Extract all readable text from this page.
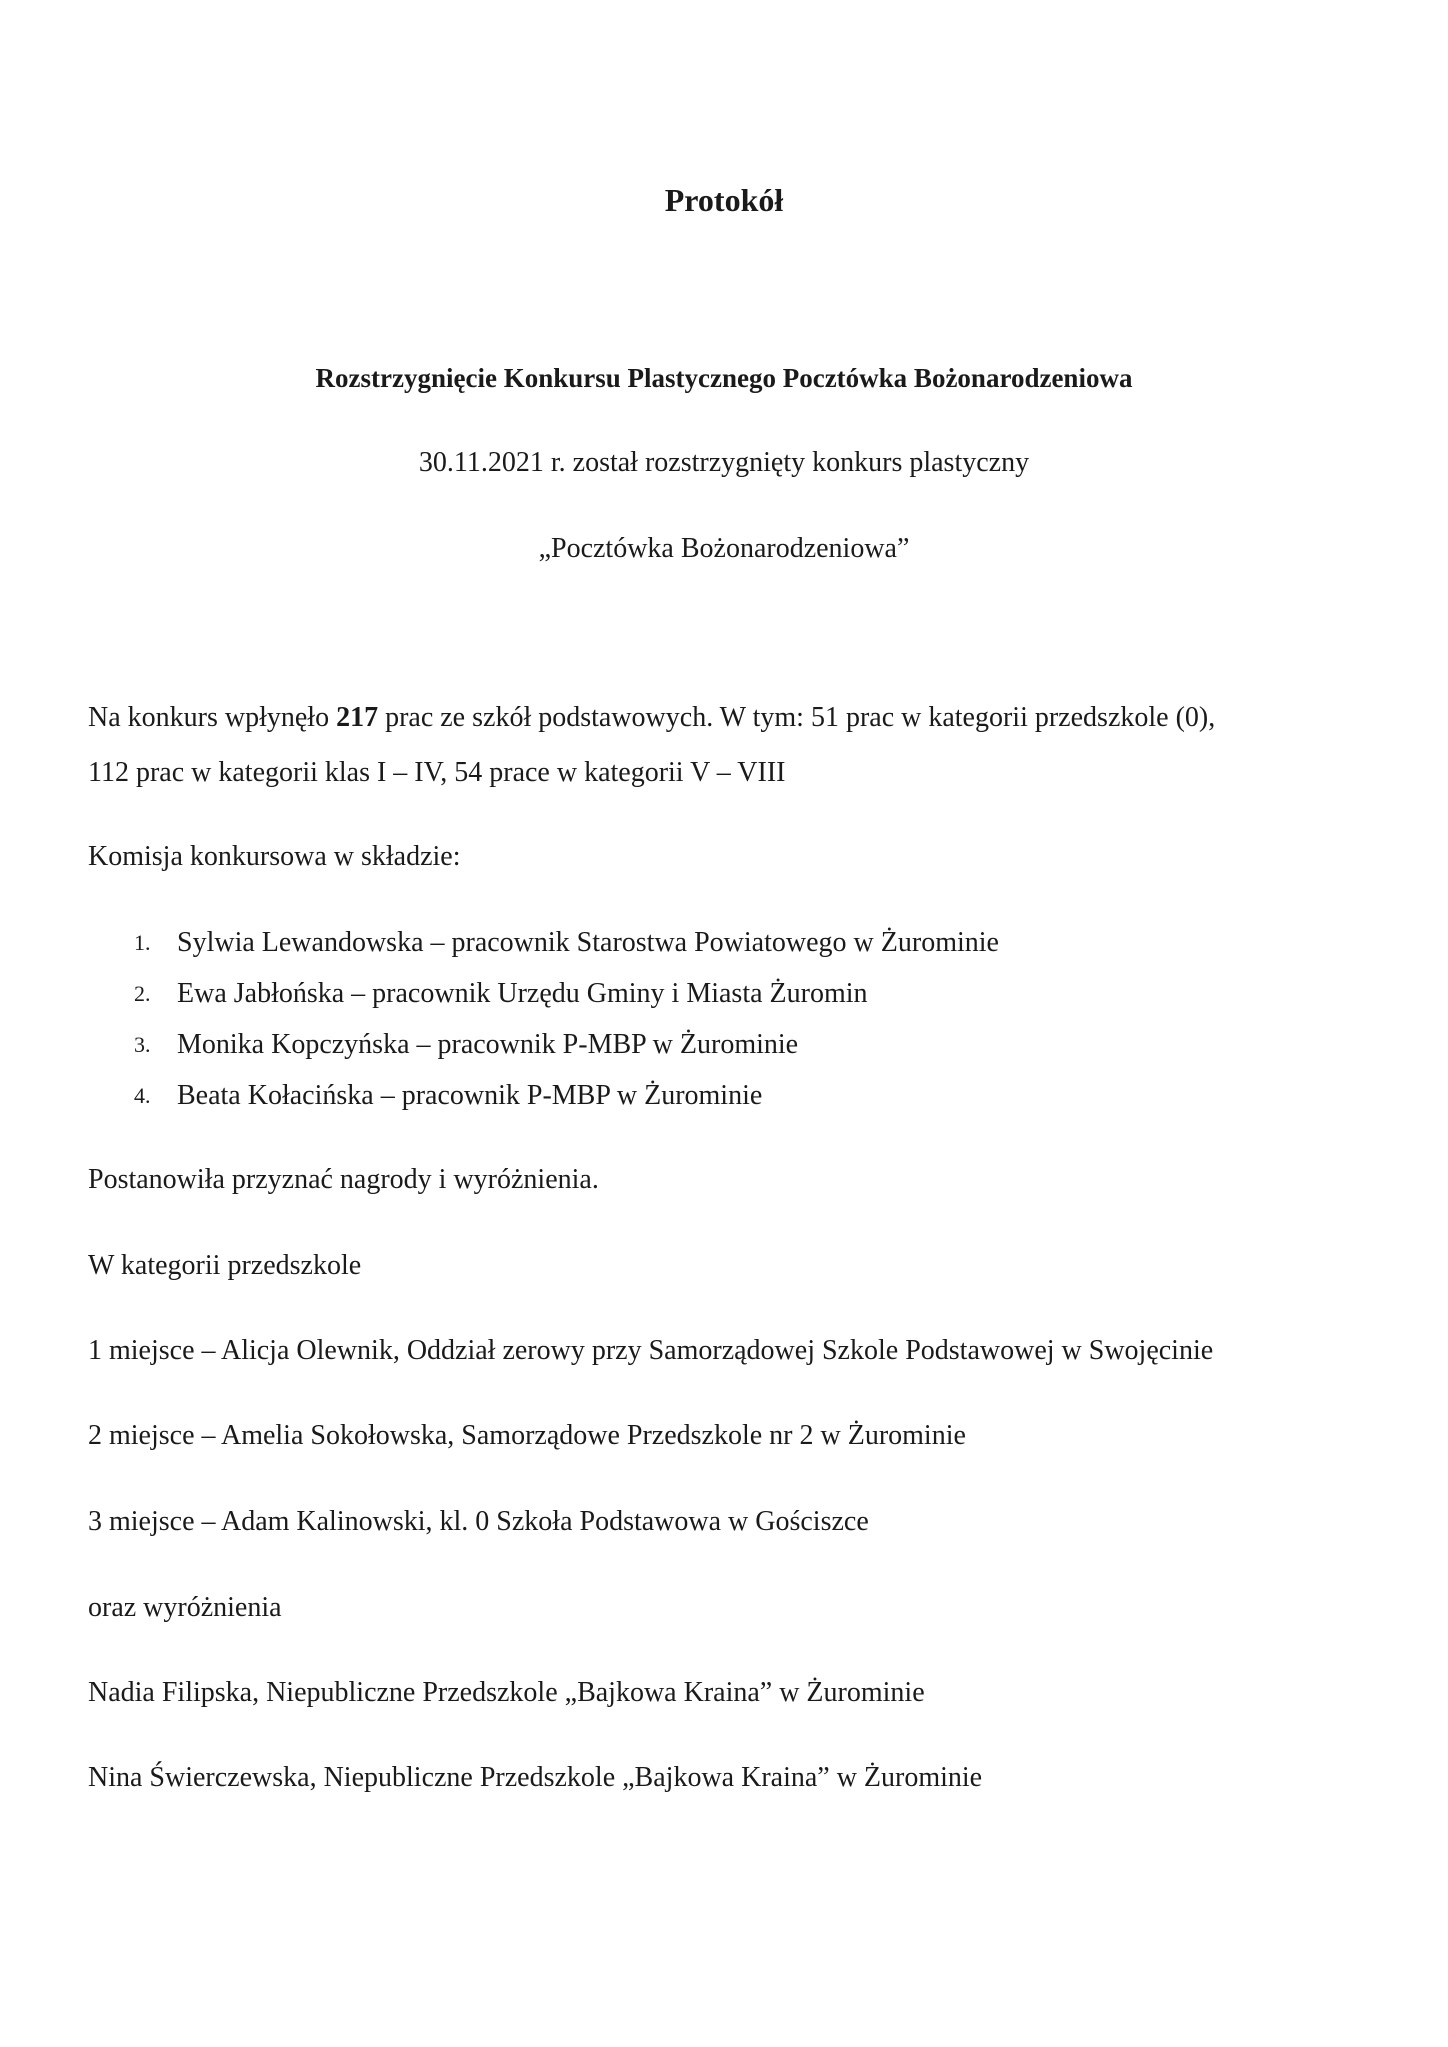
Protokół
Rozstrzygnięcie Konkursu Plastycznego Pocztówka Bożonarodzeniowa
30.11.2021 r. został rozstrzygnięty konkurs plastyczny
„Pocztówka Bożonarodzeniowa”
Na konkurs wpłynęło 217 prac ze szkół podstawowych. W tym: 51 prac w kategorii przedszkole (0),
112 prac w kategorii klas I – IV, 54 prace w kategorii V – VIII
Komisja konkursowa w składzie:
1. Sylwia Lewandowska – pracownik Starostwa Powiatowego w Żurominie
2. Ewa Jabłońska – pracownik Urzędu Gminy i Miasta Żuromin
3. Monika Kopczyńska – pracownik P-MBP w Żurominie
4. Beata Kołacińska – pracownik P-MBP w Żurominie
Postanowiła przyznać nagrody i wyróżnienia.
W kategorii przedszkole
1 miejsce – Alicja Olewnik, Oddział zerowy przy Samorządowej Szkole Podstawowej w Swojęcinie
2 miejsce – Amelia Sokołowska, Samorządowe Przedszkole nr 2 w Żurominie
3 miejsce – Adam Kalinowski, kl. 0 Szkoła Podstawowa w Gościszce
oraz wyróżnienia
Nadia Filipska, Niepubliczne Przedszkole „Bajkowa Kraina” w Żurominie
Nina Świerczewska, Niepubliczne Przedszkole „Bajkowa Kraina” w Żurominie
